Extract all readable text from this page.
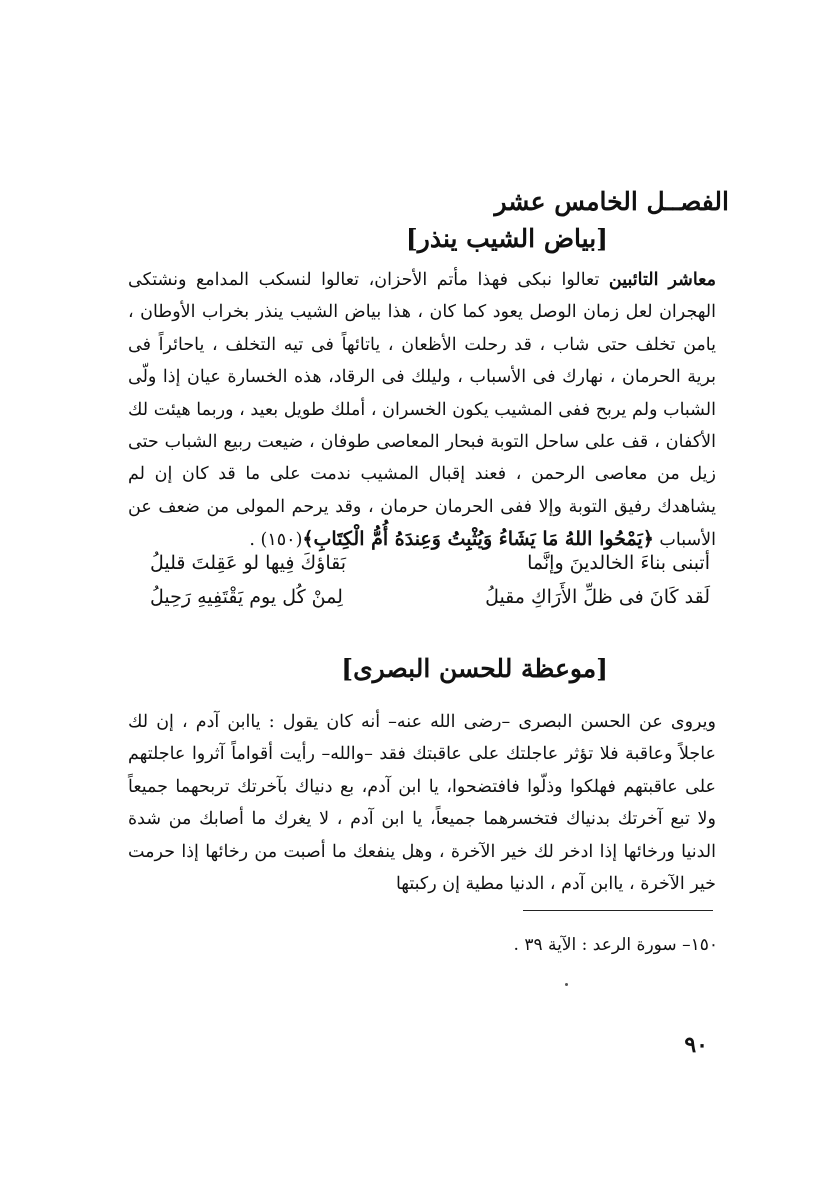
الفصــل الخامس عشر
[بياض الشيب ينذر]
معاشر التائبين تعالوا نبكى فهذا مأتم الأحزان، تعالوا لنسكب المدامع ونشتكى الهجران لعل زمان الوصل يعود كما كان ، هذا بياض الشيب ينذر بخراب الأوطان ، يامن تخلف حتى شاب ، قد رحلت الأظعان ، ياتائهاً فى تيه التخلف ، ياحائراً فى برية الحرمان ، نهارك فى الأسباب ، وليلك فى الرقاد، هذه الخسارة عيان إذا ولّى الشباب ولم يربح ففى المشيب يكون الخسران ، أملك طويل بعيد ، وربما هيئت لك الأكفان ، قف على ساحل التوبة فبحار المعاصى طوفان ، ضيعت ربيع الشباب حتى زيل من معاصى الرحمن ، فعند إقبال المشيب ندمت على ما قد كان إن لم يشاهدك رفيق التوبة وإلا ففى الحرمان حرمان ، وقد يرحم المولى من ضعف عن الأسباب ﴿يَمْحُوا اللهُ مَا يَشَاءُ وَيُثْبِتُ وَعِندَهُ أُمُّ الْكِتَابِ﴾(١٥٠) .
أتبنى بناءَ الخالدينَ وإنَّما
بَقاؤكَ فِيها لو عَقِلتَ قليلُ
لَقد كَانَ فى ظلِّ الأَرَاكِ مقيلُ
لِمنْ كُل يوم يَقْتَفِيهِ رَحِيلُ
[موعظة للحسن البصرى]
ويروى عن الحسن البصرى –رضى الله عنه– أنه كان يقول : ياابن آدم ، إن لك عاجلاً وعاقبة فلا تؤثر عاجلتك على عاقبتك فقد –والله– رأيت أقواماً آثروا عاجلتهم على عاقبتهم فهلكوا وذلّوا فافتضحوا، يا ابن آدم، بع دنياك بآخرتك تربحهما جميعاً ولا تبع آخرتك بدنياك فتخسرهما جميعاً، يا ابن آدم ، لا يغرك ما أصابك من شدة الدنيا ورخائها إذا ادخر لك خير الآخرة ، وهل ينفعك ما أصبت من رخائها إذا حرمت خير الآخرة ، ياابن آدم ، الدنيا مطية إن ركبتها
١٥٠– سورة الرعد : الآية ٣٩ .
٩٠
